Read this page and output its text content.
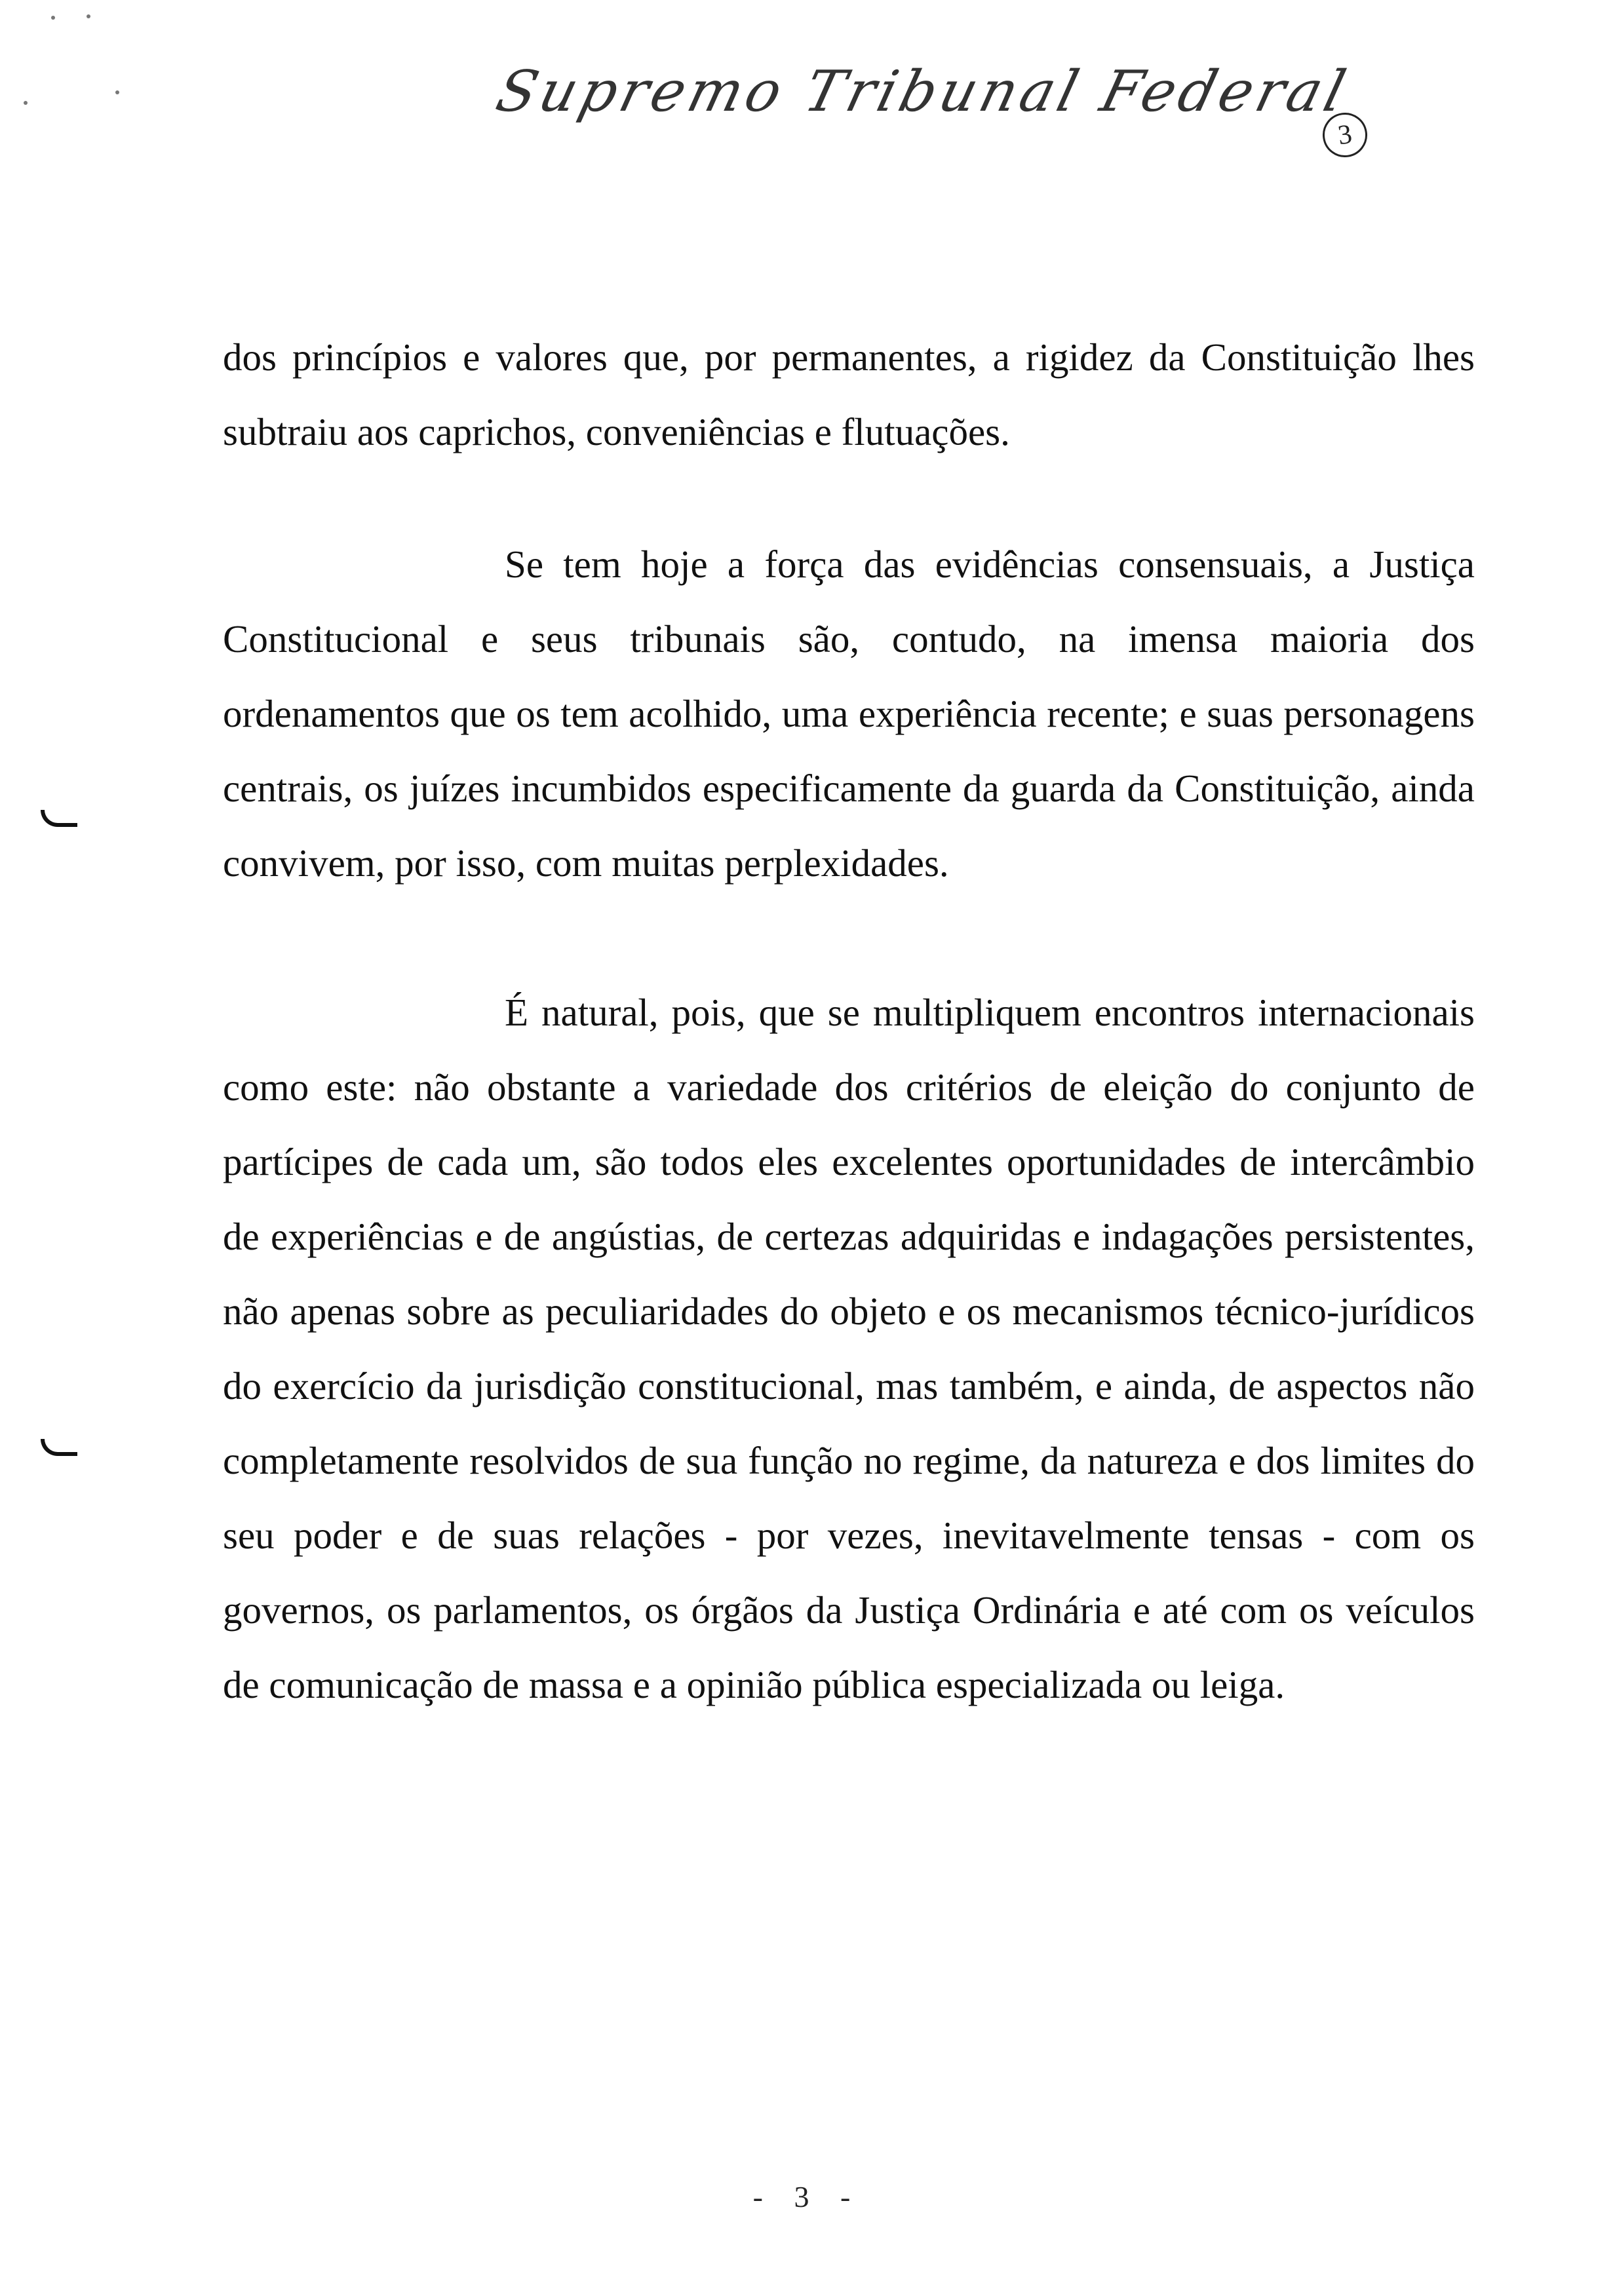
Supremo Tribunal Federal
3

dos princípios e valores que, por permanentes, a rigidez da Constituição lhes subtraiu aos caprichos, conveniências e flutuações.

Se tem hoje a força das evidências consensuais, a Justiça Constitucional e seus tribunais são, contudo, na imensa maioria dos ordenamentos que os tem acolhido, uma experiência recente; e suas personagens centrais, os juízes incumbidos especificamente da guarda da Constituição, ainda convivem, por isso, com muitas perplexidades.

É natural, pois, que se multipliquem encontros internacionais como este: não obstante a variedade dos critérios de eleição do conjunto de partícipes de cada um, são todos eles excelentes oportunidades de intercâmbio de experiências e de angústias, de certezas adquiridas e indagações persistentes, não apenas sobre as peculiaridades do objeto e os mecanismos técnico-jurídicos do exercício da jurisdição constitucional, mas também, e ainda, de aspectos não completamente resolvidos de sua função no regime, da natureza e dos limites do seu poder e de suas relações - por vezes, inevitavelmente tensas - com os governos, os parlamentos, os órgãos da Justiça Ordinária e até com os veículos de comunicação de massa e a opinião pública especializada ou leiga.

- 3 -
